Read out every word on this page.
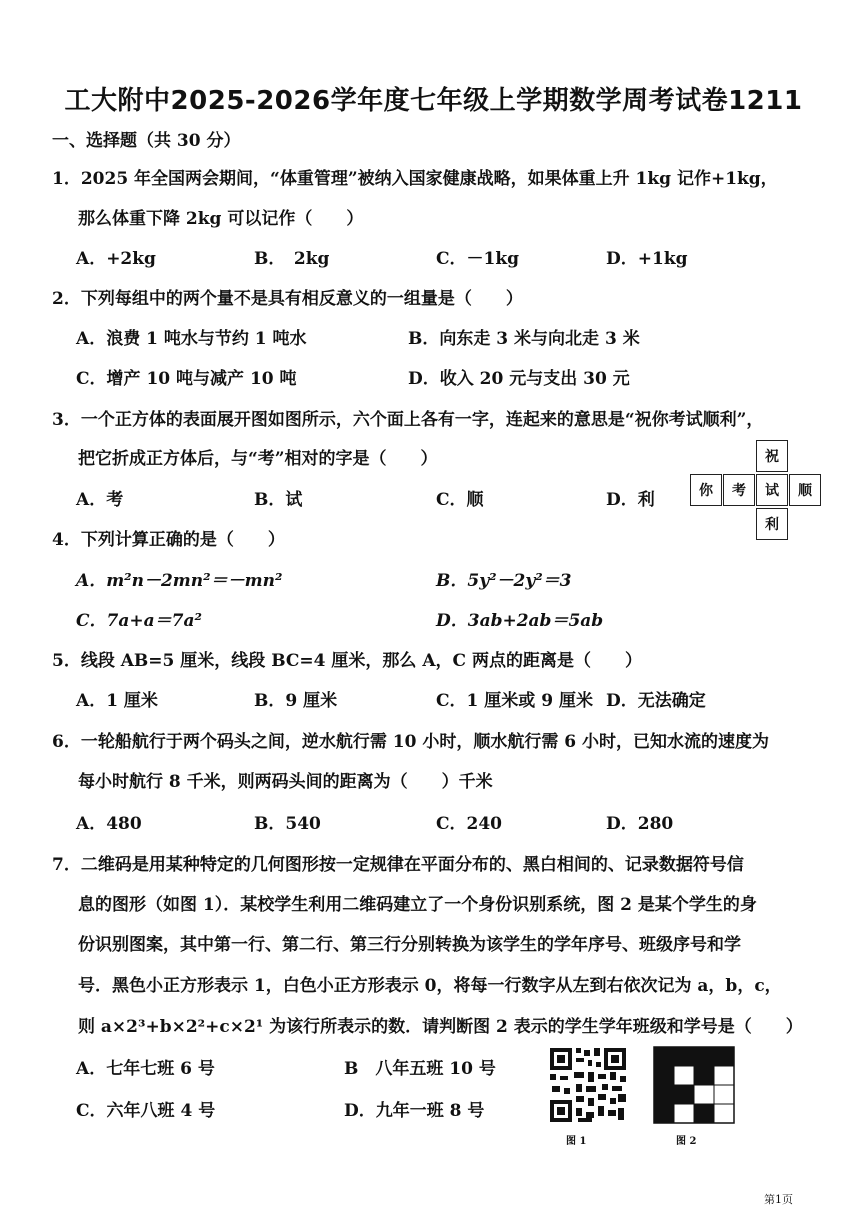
工大附中2025-2026学年度七年级上学期数学周考试卷1211
一、选择题（共 30 分）
1．2025 年全国两会期间，“体重管理”被纳入国家健康战略，如果体重上升 1kg 记作+1kg，
那么体重下降 2kg 可以记作（　　）
A．+2kg	B．　2kg	C．－1kg	D．+1kg
2．下列每组中的两个量不是具有相反意义的一组量是（　　）
A．浪费 1 吨水与节约 1 吨水	B．向东走 3 米与向北走 3 米
C．增产 10 吨与减产 10 吨	D．收入 20 元与支出 30 元
3．一个正方体的表面展开图如图所示，六个面上各有一字，连起来的意思是“祝你考试顺利”，
把它折成正方体后，与“考”相对的字是（　　）
A．考	B．试	C．顺	D．利
祝
你	考	试	顺
利
4．下列计算正确的是（　　）
A．m²n－2mn²＝－mn²	B．5y²－2y²＝3
C．7a+a＝7a²	D．3ab+2ab＝5ab
5．线段 AB=5 厘米，线段 BC=4 厘米，那么 A，C 两点的距离是（　　）
A．1 厘米	B．9 厘米	C．1 厘米或 9 厘米 D．无法确定
6．一轮船航行于两个码头之间，逆水航行需 10 小时，顺水航行需 6 小时，已知水流的速度为
每小时航行 8 千米，则两码头间的距离为（　　）千米
A．480	B．540	C．240	D．280
7．二维码是用某种特定的几何图形按一定规律在平面分布的、黑白相间的、记录数据符号信
息的图形（如图 1）．某校学生利用二维码建立了一个身份识别系统，图 2 是某个学生的身
份识别图案，其中第一行、第二行、第三行分别转换为该学生的学年序号、班级序号和学
号．黑色小正方形表示 1，白色小正方形表示 0，将每一行数字从左到右依次记为 a，b，c，
则 a×2³+b×2²+c×2¹ 为该行所表示的数．请判断图 2 表示的学生学年班级和学号是（　　）
A．七年七班 6 号	B　八年五班 10 号
C．六年八班 4 号	D．九年一班 8 号
图 1	图 2
第1页
